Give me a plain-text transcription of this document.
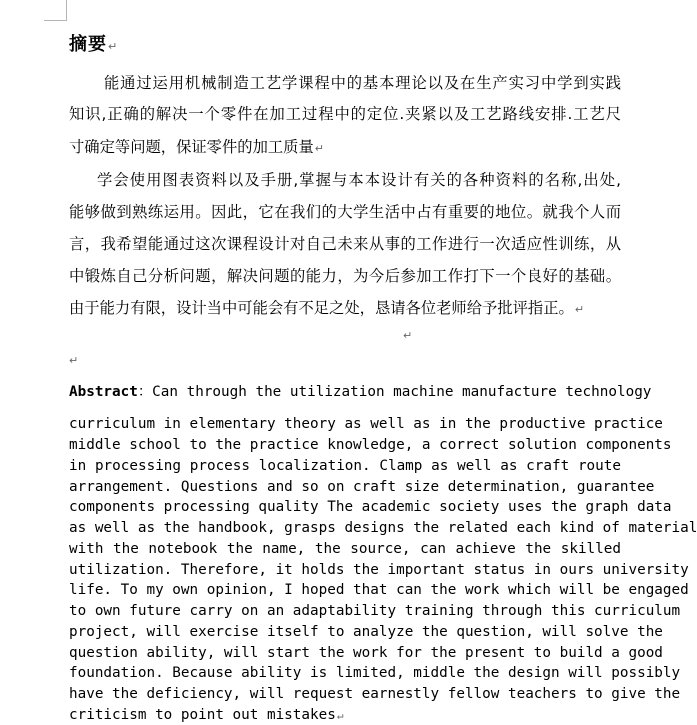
摘要↵
能通过运用机械制造工艺学课程中的基本理论以及在生产实习中学到实践
知识,正确的解决一个零件在加工过程中的定位.夹紧以及工艺路线安排.工艺尺
寸确定等问题，保证零件的加工质量↵
学会使用图表资料以及手册,掌握与本本设计有关的各种资料的名称,出处,
能够做到熟练运用。因此，它在我们的大学生活中占有重要的地位。就我个人而
言，我希望能通过这次课程设计对自己未来从事的工作进行一次适应性训练，从
中锻炼自己分析问题，解决问题的能力，为今后参加工作打下一个良好的基础。
由于能力有限，设计当中可能会有不足之处，恳请各位老师给予批评指正。↵
↵
↵
Abstract：Can through the utilization machine manufacture technology
curriculum in elementary theory as well as in the productive practice
middle school to the practice knowledge, a correct solution components
in processing process localization. Clamp as well as craft route
arrangement. Questions and so on craft size determination, guarantee
components processing quality The academic society uses the graph data
as well as the handbook, grasps designs the related each kind of material
with the notebook the name, the source, can achieve the skilled
utilization. Therefore, it holds the important status in ours university
life. To my own opinion, I hoped that can the work which will be engaged
to own future carry on an adaptability training through this curriculum
project, will exercise itself to analyze the question, will solve the
question ability, will start the work for the present to build a good
foundation. Because ability is limited, middle the design will possibly
have the deficiency, will request earnestly fellow teachers to give the
criticism to point out mistakes↵
